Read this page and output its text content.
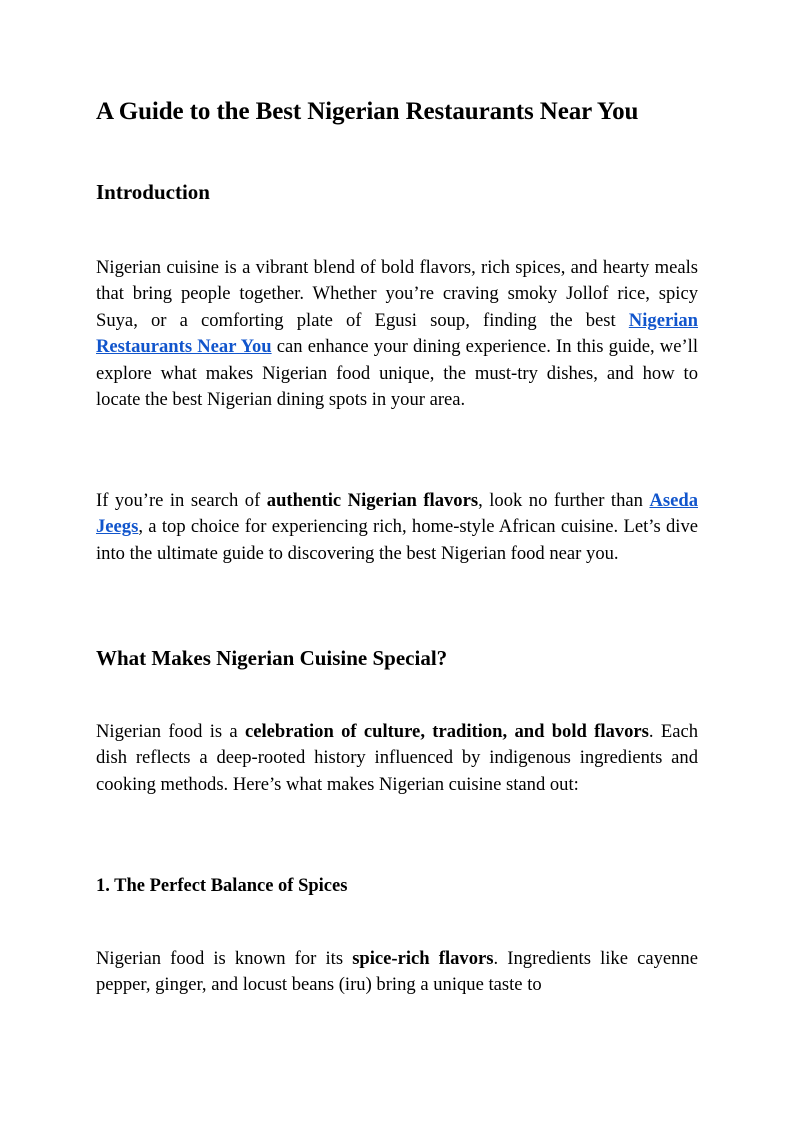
A Guide to the Best Nigerian Restaurants Near You
Introduction

Nigerian cuisine is a vibrant blend of bold flavors, rich spices, and hearty meals that bring people together. Whether you’re craving smoky Jollof rice, spicy Suya, or a comforting plate of Egusi soup, finding the best Nigerian Restaurants Near You can enhance your dining experience. In this guide, we’ll explore what makes Nigerian food unique, the must-try dishes, and how to locate the best Nigerian dining spots in your area.

If you’re in search of authentic Nigerian flavors, look no further than Aseda Jeegs, a top choice for experiencing rich, home-style African cuisine. Let’s dive into the ultimate guide to discovering the best Nigerian food near you.

What Makes Nigerian Cuisine Special?

Nigerian food is a celebration of culture, tradition, and bold flavors. Each dish reflects a deep-rooted history influenced by indigenous ingredients and cooking methods. Here’s what makes Nigerian cuisine stand out:

1. The Perfect Balance of Spices

Nigerian food is known for its spice-rich flavors. Ingredients like cayenne pepper, ginger, and locust beans (iru) bring a unique taste to
